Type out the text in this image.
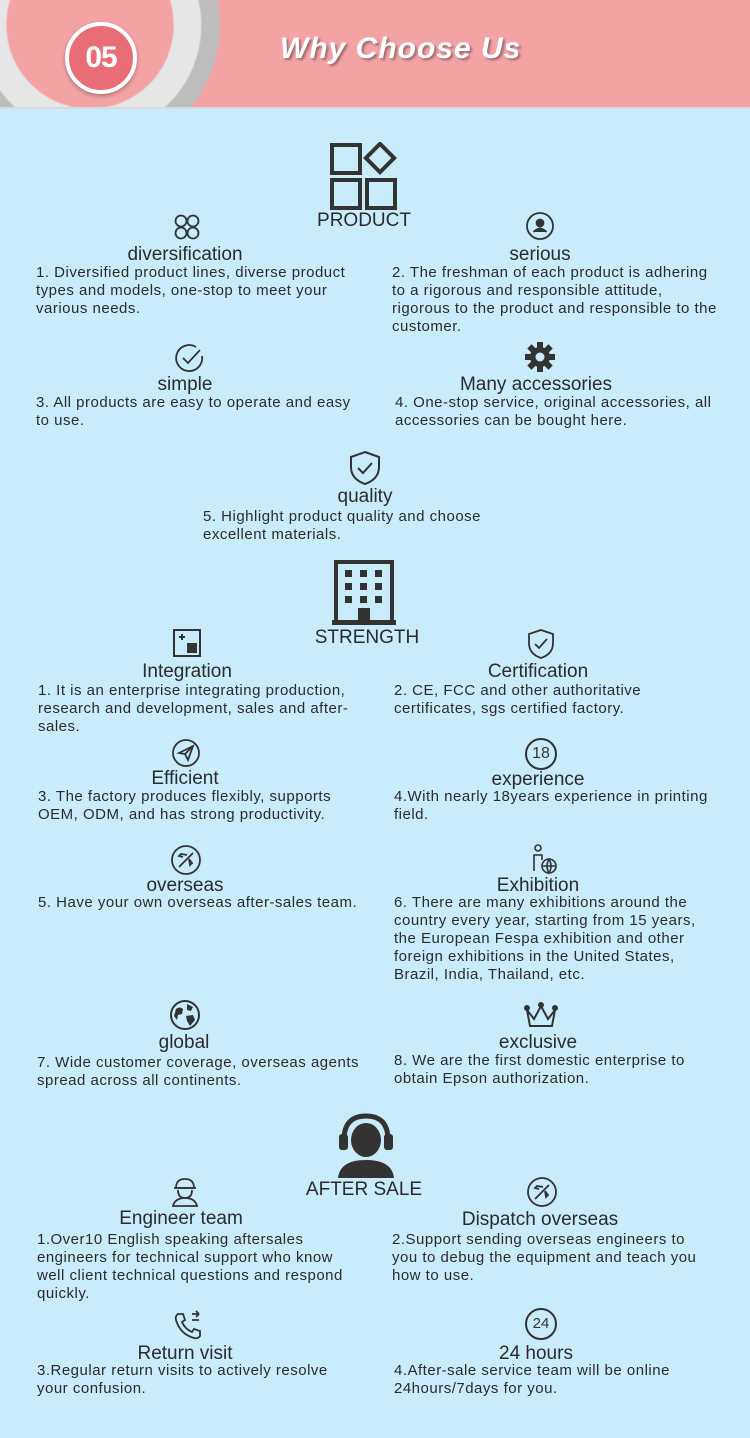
05	Why Choose Us
PRODUCT
diversification

1. Diversified product lines, diverse product types and models, one-stop to meet your various needs.

serious

2. The freshman of each product is adhering to a rigorous and responsible attitude, rigorous to the product and responsible to the customer.

simple

3. All products are easy to operate and easy to use.

Many accessories

4. One-stop service, original accessories, all accessories can be bought here.

quality

5. Highlight product quality and choose excellent materials.

STRENGTH
Integration

1. It is an enterprise integrating production, research and development, sales and after-sales.

Certification

2. CE, FCC and other authoritative certificates, sgs certified factory.

Efficient

3. The factory produces flexibly, supports OEM, ODM, and has strong productivity.

18
experience

4.With nearly 18years experience in printing field.

overseas

5. Have your own overseas after-sales team.

Exhibition

6. There are many exhibitions around the country every year, starting from 15 years, the European Fespa exhibition and other foreign exhibitions in the United States, Brazil, India, Thailand, etc.

global

7. Wide customer coverage, overseas agents spread across all continents.

exclusive

8. We are the first domestic enterprise to obtain Epson authorization.

AFTER SALE
Engineer team

1.Over10 English speaking aftersales engineers for technical support who know well client technical questions and respond quickly.

Dispatch overseas

2.Support sending overseas engineers to you to debug the equipment and teach you how to use.

Return visit

3.Regular return visits to actively resolve your confusion.

24
24 hours

4.After-sale service team will be online 24hours/7days for you.
